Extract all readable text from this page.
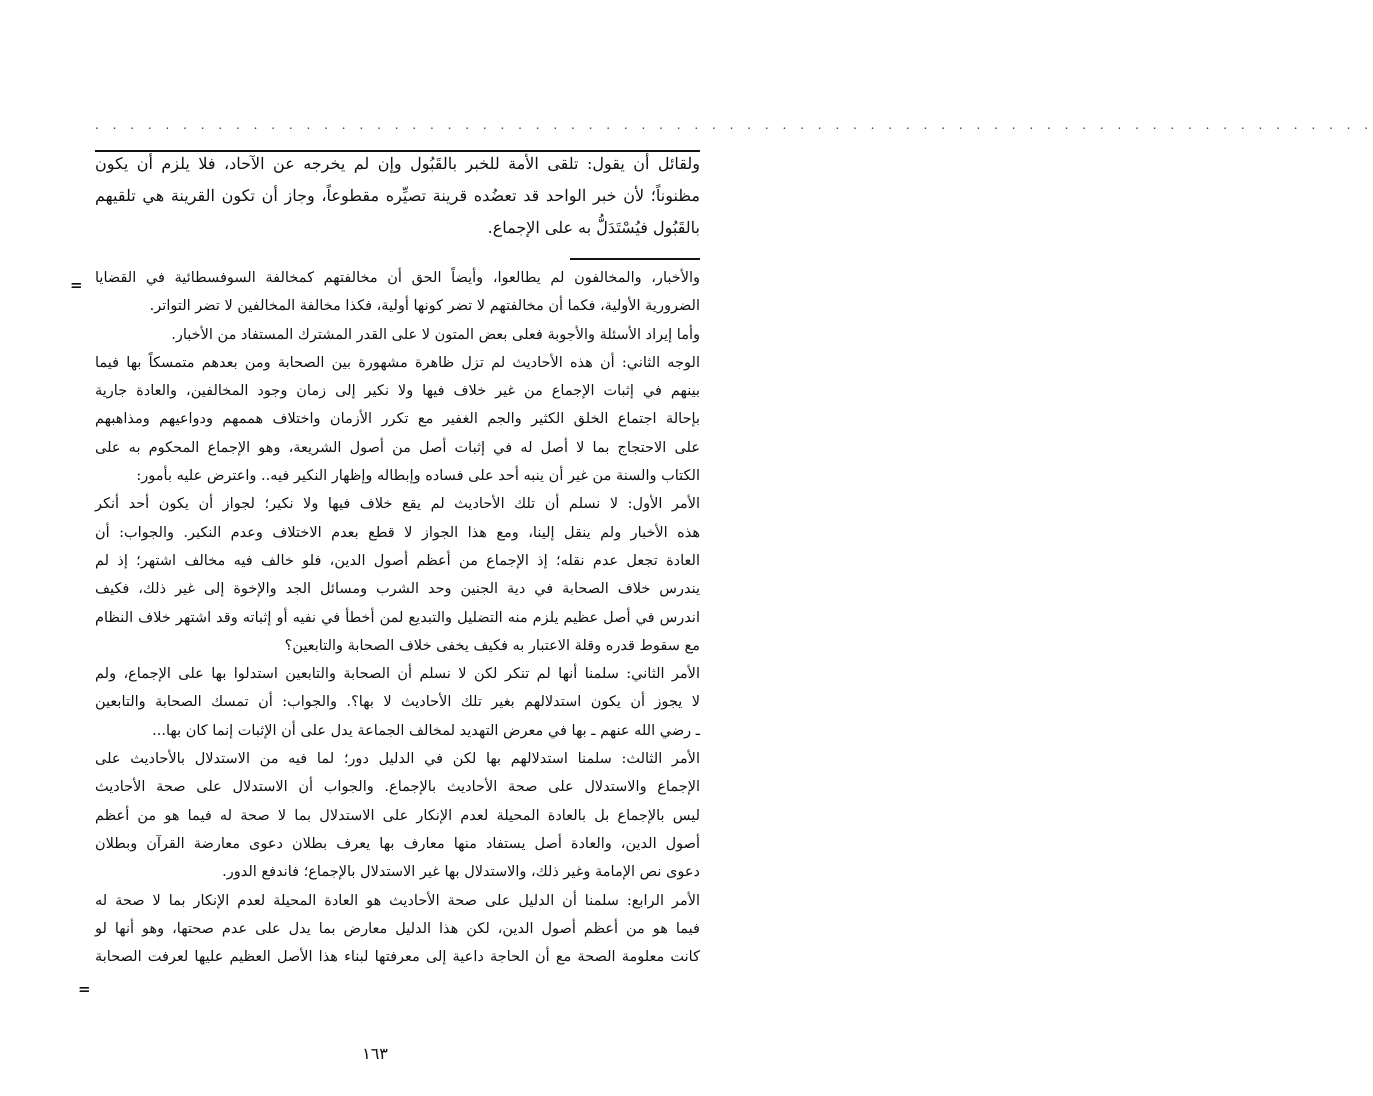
. . . . . . . . . . . . . . . . . . . . . . . . . . . . . . . . . . . . . . . . . . . . . . . . . . . . . . . . . . . . . . . . . . . . . . . . .
ولقائل أن يقول: تلقى الأمة للخبر بالقَبُول وإن لم يخرجه عن الآحاد، فلا يلزم أن يكون
مظنوناً؛ لأن خبر الواحد قد تعضُده قرينة تصيِّره مقطوعاً، وجاز أن تكون القرينة هي تلقيهم
بالقَبُول فيُسْتَدَلُّ به على الإجماع.
= والأخبار، والمخالفون لم يطالعوا، وأيضاً الحق أن مخالفتهم كمخالفة السوفسطائية في القضايا
الضرورية الأولية، فكما أن مخالفتهم لا تضر كونها أولية، فكذا مخالفة المخالفين لا تضر التواتر.
وأما إيراد الأسئلة والأجوبة فعلى بعض المتون لا على القدر المشترك المستفاد من الأخبار.
الوجه الثاني: أن هذه الأحاديث لم تزل ظاهرة مشهورة بين الصحابة ومن بعدهم متمسكاً بها فيما
بينهم في إثبات الإجماع من غير خلاف فيها ولا نكير إلى زمان وجود المخالفين، والعادة جارية
بإحالة اجتماع الخلق الكثير والجم الغفير مع تكرر الأزمان واختلاف هممهم ودواعيهم ومذاهبهم
على الاحتجاج بما لا أصل له في إثبات أصل من أصول الشريعة، وهو الإجماع المحكوم به على
الكتاب والسنة من غير أن ينبه أحد على فساده وإبطاله وإظهار النكير فيه.. واعترض عليه بأمور:
الأمر الأول: لا نسلم أن تلك الأحاديث لم يقع خلاف فيها ولا نكير؛ لجواز أن يكون أحد أنكر
هذه الأخبار ولم ينقل إلينا، ومع هذا الجواز لا قطع بعدم الاختلاف وعدم النكير. والجواب: أن
العادة تجعل عدم نقله؛ إذ الإجماع من أعظم أصول الدين، فلو خالف فيه مخالف اشتهر؛ إذ لم
يندرس خلاف الصحابة في دية الجنين وحد الشرب ومسائل الجد والإخوة إلى غير ذلك، فكيف
اندرس في أصل عظيم يلزم منه التضليل والتبديع لمن أخطأ في نفيه أو إثباته وقد اشتهر خلاف النظام
مع سقوط قدره وقلة الاعتبار به فكيف يخفى خلاف الصحابة والتابعين؟
الأمر الثاني: سلمنا أنها لم تنكر لكن لا نسلم أن الصحابة والتابعين استدلوا بها على الإجماع، ولم
لا يجوز أن يكون استدلالهم بغير تلك الأحاديث لا بها؟. والجواب: أن تمسك الصحابة والتابعين
ـ رضي الله عنهم ـ بها في معرض التهديد لمخالف الجماعة يدل على أن الإثبات إنما كان بها...
الأمر الثالث: سلمنا استدلالهم بها لكن في الدليل دور؛ لما فيه من الاستدلال بالأحاديث على
الإجماع والاستدلال على صحة الأحاديث بالإجماع. والجواب أن الاستدلال على صحة الأحاديث
ليس بالإجماع بل بالعادة المحيلة لعدم الإنكار على الاستدلال بما لا صحة له فيما هو من أعظم
أصول الدين، والعادة أصل يستفاد منها معارف بها يعرف بطلان دعوى معارضة القرآن وبطلان
دعوى نص الإمامة وغير ذلك، والاستدلال بها غير الاستدلال بالإجماع؛ فاندفع الدور.
الأمر الرابع: سلمنا أن الدليل على صحة الأحاديث هو العادة المحيلة لعدم الإنكار بما لا صحة له
فيما هو من أعظم أصول الدين، لكن هذا الدليل معارض بما يدل على عدم صحتها، وهو أنها لو
كانت معلومة الصحة مع أن الحاجة داعية إلى معرفتها لبناء هذا الأصل العظيم عليها لعرفت الصحابة
=
١٦٣
